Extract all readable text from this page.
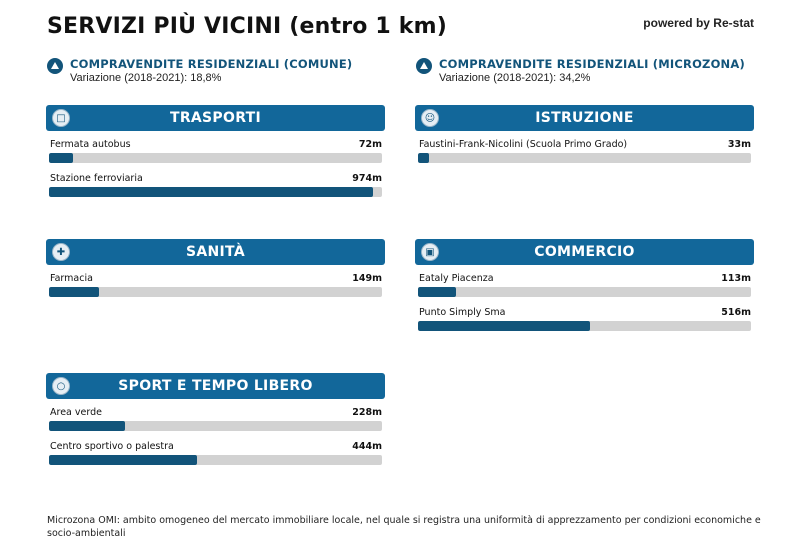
SERVIZI PIÙ VICINI (entro 1 km)	powered by Re-stat
COMPRAVENDITE RESIDENZIALI (COMUNE)
Variazione (2018-2021): 18,8%
COMPRAVENDITE RESIDENZIALI (MICROZONA)
Variazione (2018-2021): 34,2%
□	TRASPORTI
Fermata autobus	72m
Stazione ferroviaria	974m
☺	ISTRUZIONE
Faustini-Frank-Nicolini (Scuola Primo Grado)	33m
✚	SANITÀ
Farmacia	149m
▣	COMMERCIO
Eataly Piacenza	113m
Punto Simply Sma	516m
○	SPORT E TEMPO LIBERO
Area verde	228m
Centro sportivo o palestra	444m
Microzona OMI: ambito omogeneo del mercato immobiliare locale, nel quale si registra una uniformità di apprezzamento per condizioni economiche e socio-ambientali
